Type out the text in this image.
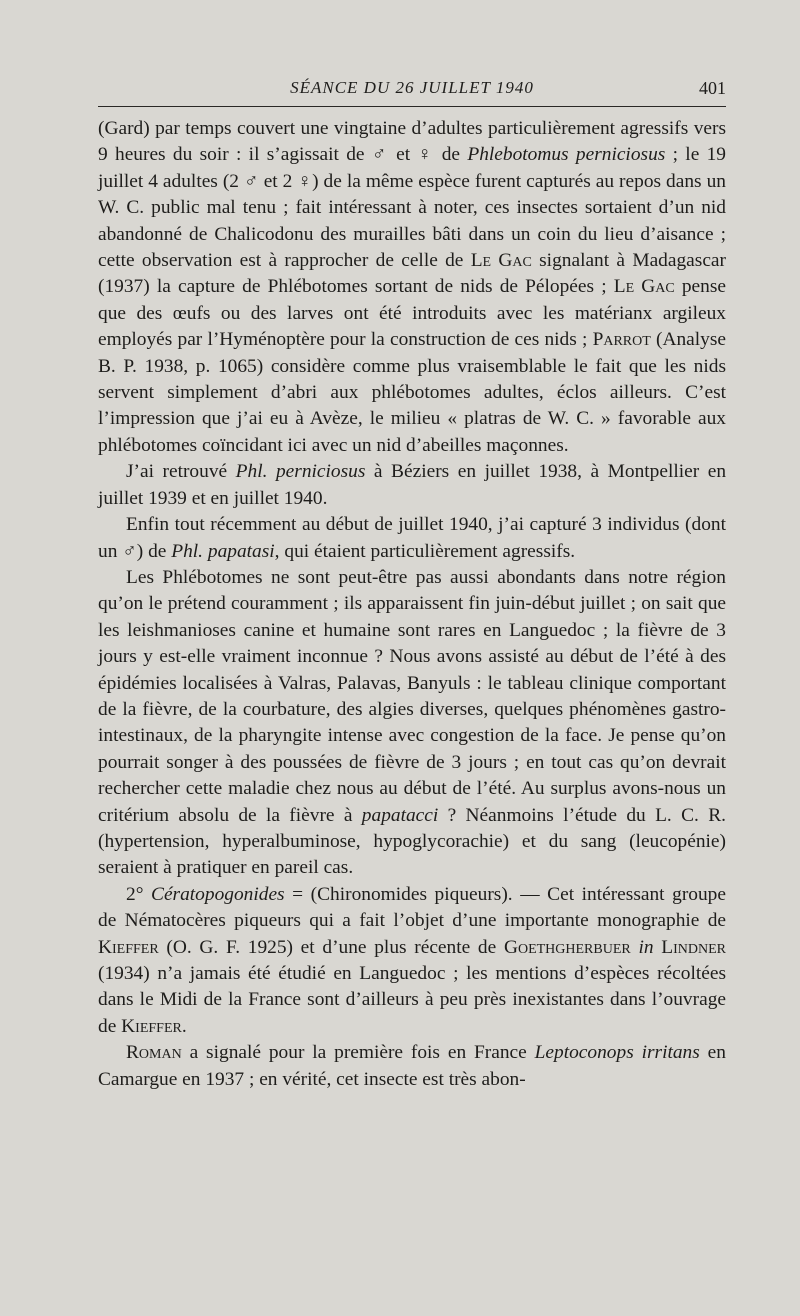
SÉANCE DU 26 JUILLET 1940	401

(Gard) par temps couvert une vingtaine d’adultes particulièrement agressifs vers 9 heures du soir : il s’agissait de ♂ et ♀ de Phlebotomus perniciosus ; le 19 juillet 4 adultes (2 ♂ et 2 ♀) de la même espèce furent capturés au repos dans un W. C. public mal tenu ; fait intéressant à noter, ces insectes sortaient d’un nid abandonné de Chalicodonu des murailles bâti dans un coin du lieu d’aisance ; cette observation est à rapprocher de celle de Le Gac signalant à Madagascar (1937) la capture de Phlébotomes sortant de nids de Pélopées ; Le Gac pense que des œufs ou des larves ont été introduits avec les matérianx argileux employés par l’Hyménoptère pour la construction de ces nids ; Parrot (Analyse B. P. 1938, p. 1065) considère comme plus vraisemblable le fait que les nids servent simplement d’abri aux phlébotomes adultes, éclos ailleurs. C’est l’impression que j’ai eu à Avèze, le milieu « platras de W. C. » favorable aux phlébotomes coïncidant ici avec un nid d’abeilles maçonnes.

J’ai retrouvé Phl. perniciosus à Béziers en juillet 1938, à Montpellier en juillet 1939 et en juillet 1940.

Enfin tout récemment au début de juillet 1940, j’ai capturé 3 individus (dont un ♂) de Phl. papatasi, qui étaient particulièrement agressifs.

Les Phlébotomes ne sont peut-être pas aussi abondants dans notre région qu’on le prétend couramment ; ils apparaissent fin juin-début juillet ; on sait que les leishmanioses canine et humaine sont rares en Languedoc ; la fièvre de 3 jours y est-elle vraiment inconnue ? Nous avons assisté au début de l’été à des épidémies localisées à Valras, Palavas, Banyuls : le tableau clinique comportant de la fièvre, de la courbature, des algies diverses, quelques phénomènes gastro-intestinaux, de la pharyngite intense avec congestion de la face. Je pense qu’on pourrait songer à des poussées de fièvre de 3 jours ; en tout cas qu’on devrait rechercher cette maladie chez nous au début de l’été. Au surplus avons-nous un critérium absolu de la fièvre à papatacci ? Néanmoins l’étude du L. C. R. (hypertension, hyperalbuminose, hypoglycorachie) et du sang (leucopénie) seraient à pratiquer en pareil cas.

2° Cératopogonides = (Chironomides piqueurs). — Cet intéressant groupe de Nématocères piqueurs qui a fait l’objet d’une importante monographie de Kieffer (O. G. F. 1925) et d’une plus récente de Goethgherbuer in Lindner (1934) n’a jamais été étudié en Languedoc ; les mentions d’espèces récoltées dans le Midi de la France sont d’ailleurs à peu près inexistantes dans l’ouvrage de Kieffer.

Roman a signalé pour la première fois en France Leptoconops irritans en Camargue en 1937 ; en vérité, cet insecte est très abon-
